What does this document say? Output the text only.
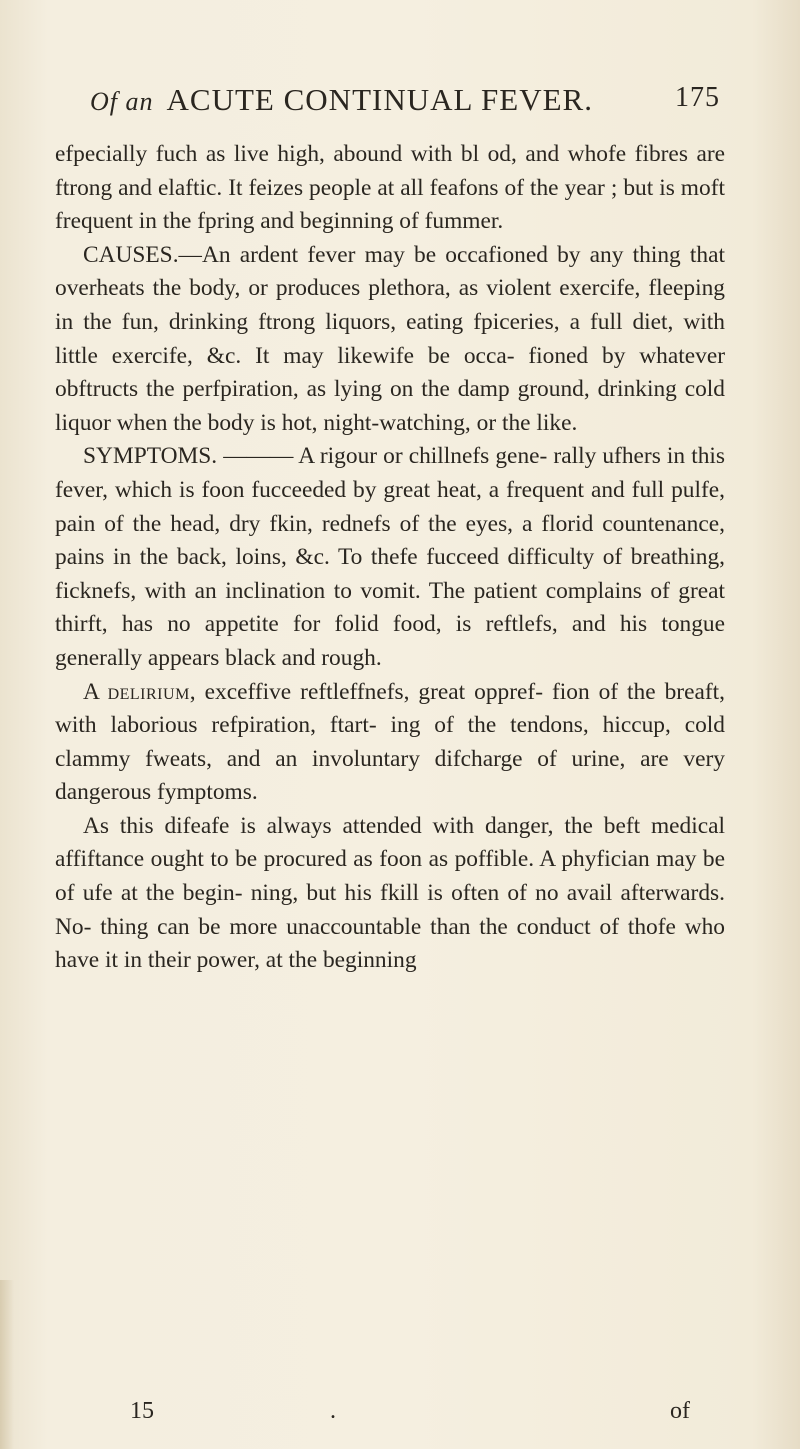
Of an ACUTE CONTINUAL FEVER.	175

efpecially fuch as live high, abound with bl od, and whofe fibres are ftrong and elaftic. It feizes people at all feafons of the year ; but is moft frequent in the fpring and beginning of fummer.

CAUSES.—An ardent fever may be occafioned by any thing that overheats the body, or produces plethora, as violent exercife, fleeping in the fun, drinking ftrong liquors, eating fpiceries, a full diet, with little exercife, &c. It may likewife be occa- fioned by whatever obftructs the perfpiration, as lying on the damp ground, drinking cold liquor when the body is hot, night-watching, or the like.

SYMPTOMS. ——— A rigour or chillnefs gene- rally ufhers in this fever, which is foon fucceeded by great heat, a frequent and full pulfe, pain of the head, dry fkin, rednefs of the eyes, a florid countenance, pains in the back, loins, &c. To thefe fucceed difficulty of breathing, ficknefs, with an inclination to vomit. The patient complains of great thirft, has no appetite for folid food, is reftlefs, and his tongue generally appears black and rough.

A delirium, exceffive reftleffnefs, great oppref- fion of the breaft, with laborious refpiration, ftart- ing of the tendons, hiccup, cold clammy fweats, and an involuntary difcharge of urine, are very dangerous fymptoms.

As this difeafe is always attended with danger, the beft medical affiftance ought to be procured as foon as poffible. A phyfician may be of ufe at the begin- ning, but his fkill is often of no avail afterwards. No- thing can be more unaccountable than the conduct of thofe who have it in their power, at the beginning

15	.	of
